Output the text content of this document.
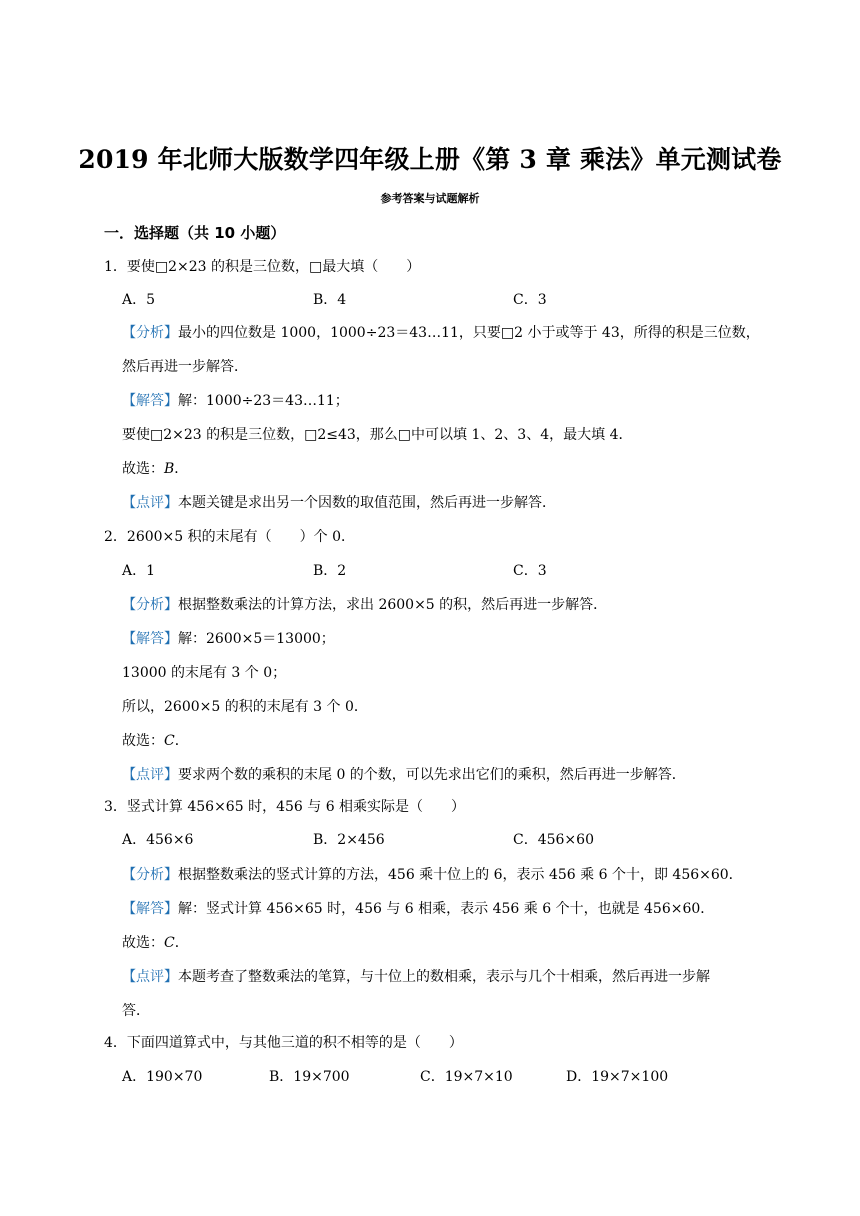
2019 年北师大版数学四年级上册《第 3 章 乘法》单元测试卷
参考答案与试题解析
一．选择题（共 10 小题）
1．要使□2×23 的积是三位数，□最大填（　　）
A．5	B．4	C．3
【分析】最小的四位数是 1000，1000÷23＝43…11，只要□2 小于或等于 43，所得的积是三位数，
然后再进一步解答．
【解答】解：1000÷23＝43…11；
要使□2×23 的积是三位数，□2≤43，那么□中可以填 1、2、3、4，最大填 4．
故选：B．
【点评】本题关键是求出另一个因数的取值范围，然后再进一步解答．
2．2600×5 积的末尾有（　　）个 0．
A．1	B．2	C．3
【分析】根据整数乘法的计算方法，求出 2600×5 的积，然后再进一步解答．
【解答】解：2600×5＝13000；
13000 的末尾有 3 个 0；
所以，2600×5 的积的末尾有 3 个 0．
故选：C．
【点评】要求两个数的乘积的末尾 0 的个数，可以先求出它们的乘积，然后再进一步解答．
3．竖式计算 456×65 时，456 与 6 相乘实际是（　　）
A．456×6	B．2×456	C．456×60
【分析】根据整数乘法的竖式计算的方法，456 乘十位上的 6，表示 456 乘 6 个十，即 456×60．
【解答】解：竖式计算 456×65 时，456 与 6 相乘，表示 456 乘 6 个十，也就是 456×60．
故选：C．
【点评】本题考查了整数乘法的笔算，与十位上的数相乘，表示与几个十相乘，然后再进一步解
答．
4．下面四道算式中，与其他三道的积不相等的是（　　）
A．190×70	B．19×700	C．19×7×10	D．19×7×100
